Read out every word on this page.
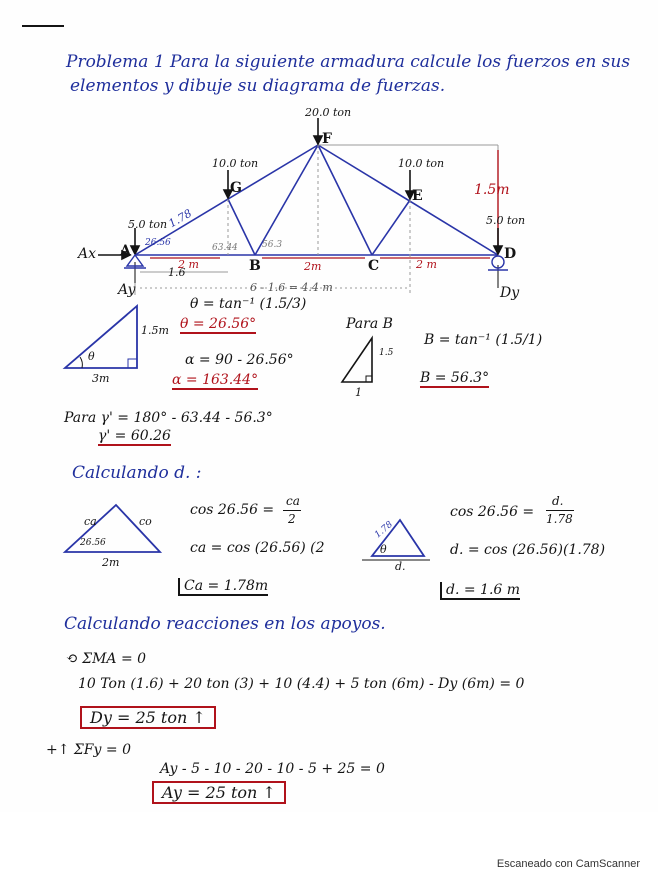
Problema 1 Para la siguiente armadura calcule los fuerzos en sus
elementos y dibuje su diagrama de fuerzas.
20.0 ton
F
10.0 ton
G
10.0 ton
E
5.0 ton	5.0 ton
1.5m
A
Ax
B	C
D
2 m	2m	2 m
1.6
6 - 1.6 = 4.4 m
Ay	Dy
1.78
26.56	63.44	56.3
1.5m
3m
θ
θ = tan⁻¹ (1.5/3)
θ = 26.56°
α = 90 - 26.56°
α = 163.44°
Para B
1.5
1
B = tan⁻¹ (1.5/1)
B = 56.3°
Para γ' = 180° - 63.44 - 56.3°
γ' = 60.26
Calculando d. :
ca	co
26.56
2m
cos 26.56 =
ca
2
ca = cos (26.56) (2
Ca = 1.78m
1.78
θ
d.
cos 26.56 =
d.
1.78
d. = cos (26.56)(1.78)
d. = 1.6 m
Calculando reacciones en los apoyos.
⟲ ΣMA = 0
10 Ton (1.6) + 20 ton (3) + 10 (4.4) + 5 ton (6m) - Dy (6m) = 0
Dy = 25 ton ↑
+↑ ΣFy = 0
Ay - 5 - 10 - 20 - 10 - 5 + 25 = 0
Ay = 25 ton ↑
Escaneado con CamScanner
